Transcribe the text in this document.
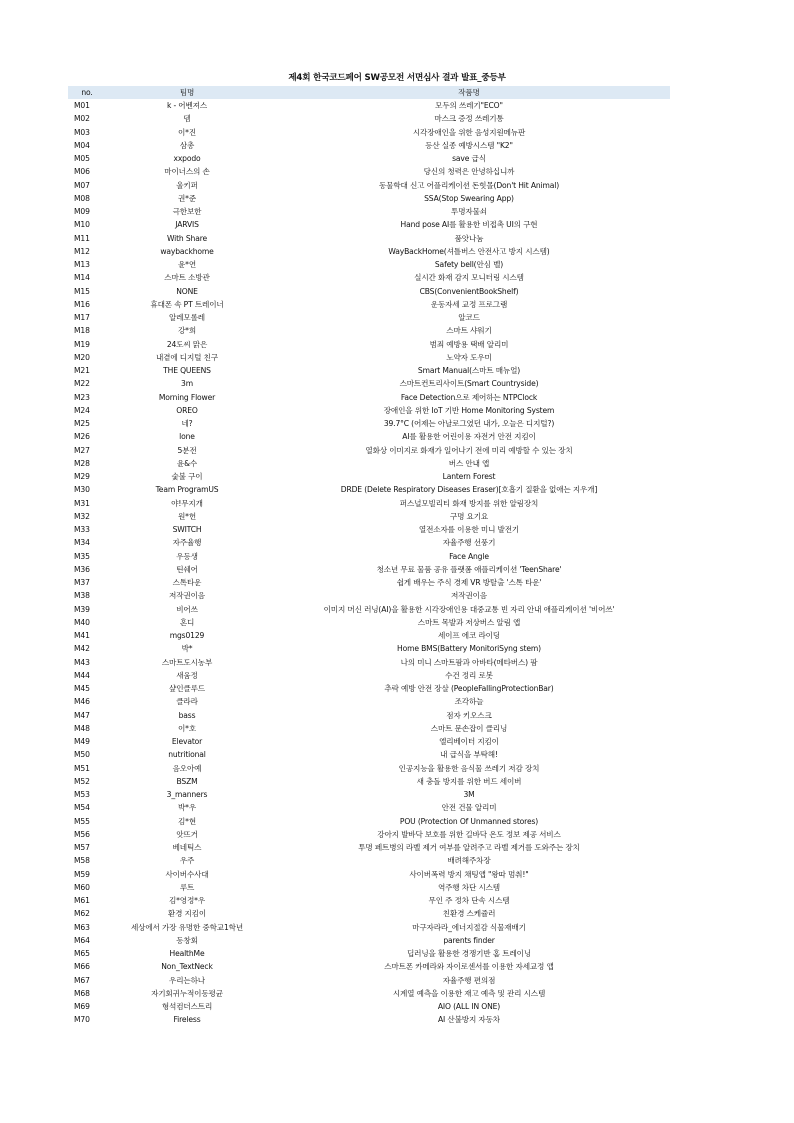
제4회 한국코드페어 SW공모전 서면심사 결과 발표_중등부
no.	팀명	작품명
M01	k - 어벤져스	모두의 쓰레기"ECO"
M02	뎀	마스크 증정 쓰레기통
M03	이*진	시각장애인을 위한 음성지원메뉴판
M04	삼총	등산 실종 예방시스템 "K2"
M05	xxpodo	save 급식
M06	마이너스의 손	당신의 청력은 안녕하십니까
M07	울키퍼	동물학대 신고 어플리케이션 돈힛몰(Don't Hit Animal)
M08	권*준	SSA(Stop Swearing App)
M09	극한보한	투명자물쇠
M10	JARVIS	Hand pose AI를 활용한 비접촉 UI의 구현
M11	With Share	품앗나눔
M12	waybackhome	WayBackHome(셔틀버스 안전사고 방지 시스템)
M13	윤*연	Safety bell(안심 벨)
M14	스마트 소방관	실시간 화재 감지 모니터링 시스템
M15	NONE	CBS(ConvenientBookShelf)
M16	휴대폰 속 PT 트레이너	운동자세 교정 프로그램
M17	알레모롤레	알코드
M18	강*희	스마트 샤워기
M19	24도씨 맑은	범죄 예방용 택배 알리미
M20	내곁에 디지털 친구	노약자 도우미
M21	THE QUEENS	Smart Manual(스마트 매뉴얼)
M22	3m	스마트컨트리사이트(Smart Countryside)
M23	Morning Flower	Face Detection으로 제어하는 NTPClock
M24	OREO	장애인을 위한 IoT 기반 Home Monitoring System
M25	네?	39.7°C (어제는 아날로그였던 내가, 오늘은 디지털?)
M26	lone	AI를 활용한 어린이용 자전거 안전 지킴이
M27	5분전	열화상 이미지로 화재가 일어나기 전에 미리 예방할 수 있는 장치
M28	윤&수	버스 안내 앱
M29	숯불 구이	Lantern Forest
M30	Team ProgramUS	DRDE (Delete Respiratory Diseases Eraser)[호흡기 질환을 없애는 지우개]
M31	야!무지개	퍼스널모빌리티 화재 방지를 위한 알림장치
M32	원*헌	구명 요기요
M33	SWITCH	열전소자를 이용한 미니 발전기
M34	자주율행	자율주행 선풍기
M35	우등생	Face Angle
M36	틴쉐어	청소년 무료 물품 공유 플랫폼 애플리케이션 'TeenShare'
M37	스톡타운	쉽게 배우는 주식 경제 VR 방탈출 '스톡 타운'
M38	저작권이음	저작권이음
M39	비어쓰	이미지 머신 러닝(AI)을 활용한 시각장애인용 대중교통 빈 자리 안내 애플리케이션 '비어쓰'
M40	혼디	스마트 목발과 저상버스 알림 앱
M41	mgs0129	세이프 에코 라이딩
M42	박*	Home BMS(Battery MonitoriSyng stem)
M43	스마트도시농부	나의 미니 스마트팜과 아바타(메타버스) 팜
M44	새움정	수건 정리 로봇
M45	샾인클루드	추락 예방 안전 장살 (PeopleFallingProtectionBar)
M46	클라라	조각하늘
M47	bass	점자 키오스크
M48	이*호	스마트 문손잡이 클리닝
M49	Elevator	엘리베이터 지킴이
M50	nutritional	내 급식을 부탁해!
M51	음오아예	인공지능을 활용한 음식물 쓰레기 저감 장치
M52	BSZM	새 충돌 방지를 위한 버드 세이버
M53	3_manners	3M
M54	박*우	안전 건물 알리미
M55	김*현	POU (Protection Of Unmanned stores)
M56	앗뜨거	강아지 발바닥 보호를 위한 길바닥 온도 정보 제공 서비스
M57	베네틱스	투명 페트병의 라벨 제거 여부를 알려주고 라벨 제거를 도와주는 장치
M58	우주	배려해주차장
M59	사이버수사대	사이버폭력 방지 채팅앱 "왕따 멈춰!"
M60	루트	역주행 차단 시스템
M61	김*영정*우	무인 주 정차 단속 시스템
M62	환경 지킴이	친환경 스케쥴러
M63	세상에서 가장 유명한 중학교1학년	마구자라라_에너지절감 식물재배기
M64	동창회	parents finder
M65	HealthMe	딥러닝을 활용한 경쟁기반 홈 트레이닝
M66	Non_TextNeck	스마트폰 카메라와 자이로센서를 이용한 자세교정 앱
M67	우리는하나	자율주행 편의점
M68	자기회귀누적이동평균	시계열 예측을 이용한 재고 예측 및 관리 시스템
M69	형석컴더스트리	AIO (ALL IN ONE)
M70	Fireless	AI 산불방지 자동차
